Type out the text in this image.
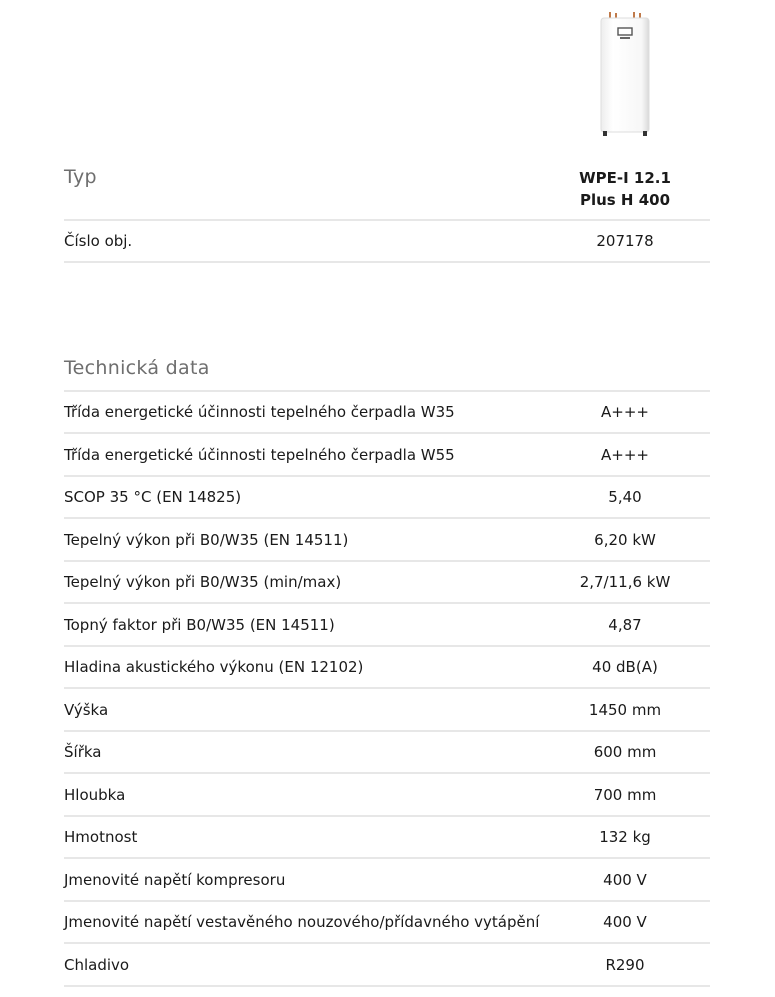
Typ	WPE-I 12.1
Plus H 400
Číslo obj.	207178
Technická data
Třída energetické účinnosti tepelného čerpadla W35	A+++
Třída energetické účinnosti tepelného čerpadla W55	A+++
SCOP 35 °C (EN 14825)	5,40
Tepelný výkon při B0/W35 (EN 14511)	6,20 kW
Tepelný výkon při B0/W35 (min/max)	2,7/11,6 kW
Topný faktor při B0/W35 (EN 14511)	4,87
Hladina akustického výkonu (EN 12102)	40 dB(A)
Výška	1450 mm
Šířka	600 mm
Hloubka	700 mm
Hmotnost	132 kg
Jmenovité napětí kompresoru	400 V
Jmenovité napětí vestavěného nouzového/přídavného vytápění	400 V
Chladivo	R290
